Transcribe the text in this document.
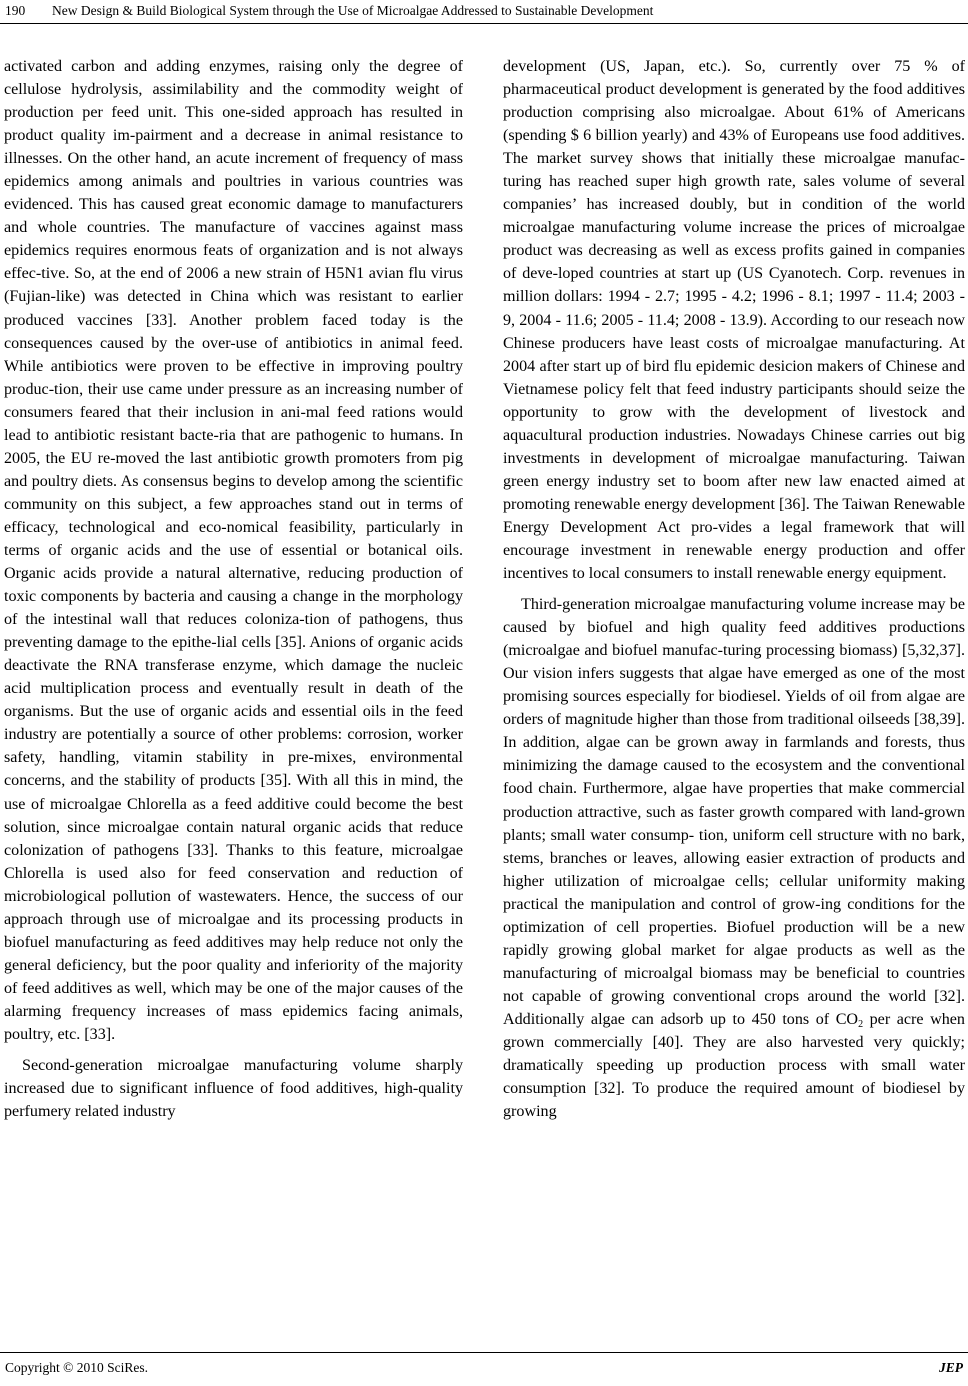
190 New Design & Build Biological System through the Use of Microalgae Addressed to Sustainable Development

activated carbon and adding enzymes, raising only the degree of cellulose hydrolysis, assimilability and the commodity weight of production per feed unit. This one-sided approach has resulted in product quality im-pairment and a decrease in animal resistance to illnesses. On the other hand, an acute increment of frequency of mass epidemics among animals and poultries in various countries was evidenced. This has caused great economic damage to manufacturers and whole countries. The manufacture of vaccines against mass epidemics requires enormous feats of organization and is not always effec-tive. So, at the end of 2006 a new strain of H5N1 avian flu virus (Fujian-like) was detected in China which was resistant to earlier produced vaccines [33]. Another problem faced today is the consequences caused by the over-use of antibiotics in animal feed. While antibiotics were proven to be effective in improving poultry produc-tion, their use came under pressure as an increasing number of consumers feared that their inclusion in ani-mal feed rations would lead to antibiotic resistant bacte-ria that are pathogenic to humans. In 2005, the EU re-moved the last antibiotic growth promoters from pig and poultry diets. As consensus begins to develop among the scientific community on this subject, a few approaches stand out in terms of efficacy, technological and eco-nomical feasibility, particularly in terms of organic acids and the use of essential or botanical oils. Organic acids provide a natural alternative, reducing production of toxic components by bacteria and causing a change in the morphology of the intestinal wall that reduces coloniza-tion of pathogens, thus preventing damage to the epithe-lial cells [35]. Anions of organic acids deactivate the RNA transferase enzyme, which damage the nucleic acid multiplication process and eventually result in death of the organisms. But the use of organic acids and essential oils in the feed industry are potentially a source of other problems: corrosion, worker safety, handling, vitamin stability in pre-mixes, environmental concerns, and the stability of products [35]. With all this in mind, the use of microalgae Chlorella as a feed additive could become the best solution, since microalgae contain natural organic acids that reduce colonization of pathogens [33]. Thanks to this feature, microalgae Chlorella is used also for feed conservation and reduction of microbiological pollution of wastewaters. Hence, the success of our approach through use of microalgae and its processing products in biofuel manufacturing as feed additives may help reduce not only the general deficiency, but the poor quality and inferiority of the majority of feed additives as well, which may be one of the major causes of the alarming frequency increases of mass epidemics facing animals, poultry, etc. [33].

Second-generation microalgae manufacturing volume sharply increased due to significant influence of food additives, high-quality perfumery related industry

development (US, Japan, etc.). So, currently over 75 % of pharmaceutical product development is generated by the food additives production comprising also microalgae. About 61% of Americans (spending $ 6 billion yearly) and 43% of Europeans use food additives. The market survey shows that initially these microalgae manufac-turing has reached super high growth rate, sales volume of several companies’ has increased doubly, but in condition of the world microalgae manufacturing volume increase the prices of microalgae product was decreasing as well as excess profits gained in companies of deve-loped countries at start up (US Cyanotech. Corp. revenues in million dollars: 1994 - 2.7; 1995 - 4.2; 1996 - 8.1; 1997 - 11.4; 2003 - 9, 2004 - 11.6; 2005 - 11.4; 2008 - 13.9). According to our reseach now Chinese producers have least costs of microalgae manufacturing. At 2004 after start up of bird flu epidemic desicion makers of Chinese and Vietnamese policy felt that feed industry participants should seize the opportunity to grow with the development of livestock and aquacultural production industries. Nowadays Chinese carries out big investments in development of microalgae manufacturing. Taiwan green energy industry set to boom after new law enacted aimed at promoting renewable energy development [36]. The Taiwan Renewable Energy Development Act pro-vides a legal framework that will encourage investment in renewable energy production and offer incentives to local consumers to install renewable energy equipment.

Third-generation microalgae manufacturing volume increase may be caused by biofuel and high quality feed additives productions (microalgae and biofuel manufac-turing processing biomass) [5,32,37]. Our vision infers suggests that algae have emerged as one of the most promising sources especially for biodiesel. Yields of oil from algae are orders of magnitude higher than those from traditional oilseeds [38,39]. In addition, algae can be grown away in farmlands and forests, thus minimizing the damage caused to the ecosystem and the conventional food chain. Furthermore, algae have properties that make commercial production attractive, such as faster growth compared with land-grown plants; small water consump- tion, uniform cell structure with no bark, stems, branches or leaves, allowing easier extraction of products and higher utilization of microalgae cells; cellular uniformity making practical the manipulation and control of grow-ing conditions for the optimization of cell properties. Biofuel production will be a new rapidly growing global market for algae products as well as the manufacturing of microalgal biomass may be beneficial to countries not capable of growing conventional crops around the world [32]. Additionally algae can adsorb up to 450 tons of $CO_2$ per acre when grown commercially [40]. They are also harvested very quickly; dramatically speeding up production process with small water consumption [32]. To produce the required amount of biodiesel by growing

Copyright © 2010 SciRes.	JEP
